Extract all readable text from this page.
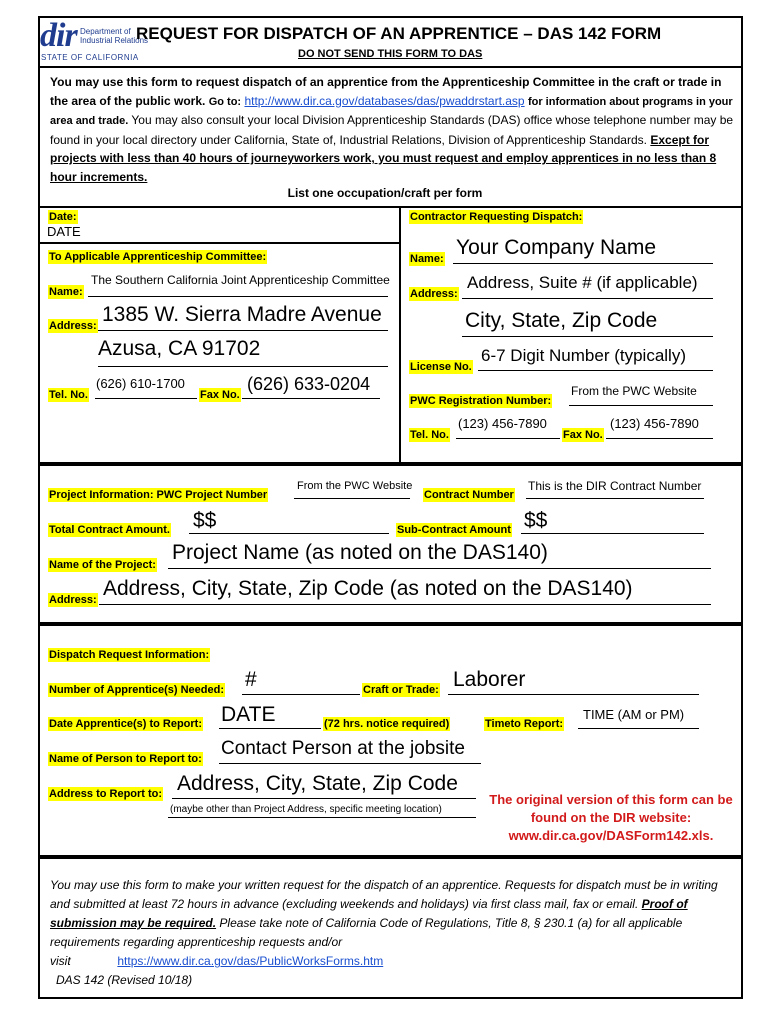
dir Department of
Industrial Relations
STATE OF CALIFORNIA
REQUEST FOR DISPATCH OF AN APPRENTICE – DAS 142 FORM
DO NOT SEND THIS FORM TO DAS
You may use this form to request dispatch of an apprentice from the Apprenticeship Committee in the craft or trade in the area of the public work. Go to: http://www.dir.ca.gov/databases/das/pwaddrstart.asp for information about programs in your area and trade. You may also consult your local Division Apprenticeship Standards (DAS) office whose telephone number may be found in your local directory under California, State of, Industrial Relations, Division of Apprenticeship Standards. Except for projects with less than 40 hours of journeyworkers work, you must request and employ apprentices in no less than 8 hour increments.
List one occupation/craft per form
Date:
DATE
To Applicable Apprenticeship Committee:
Name:
The Southern California Joint Apprenticeship Committee
Address: 1385 W. Sierra Madre Avenue
Azusa, CA 91702
Tel. No.
(626) 610-1700
Fax No.
(626) 633-0204
Contractor Requesting Dispatch:
Name: Your Company Name
Address:
Address, Suite # (if applicable)
City, State, Zip Code
License No.
6-7 Digit Number (typically)
PWC Registration Number:
From the PWC Website
Tel. No.
(123) 456-7890
Fax No.
(123) 456-7890
Project Information: PWC Project Number
From the PWC Website
Contract Number
This is the DIR Contract Number
Total Contract Amount. $$	Sub-Contract Amount $$
Name of the Project:
Project Name (as noted on the DAS140)
Address: Address, City, State, Zip Code (as noted on the DAS140)
Dispatch Request Information:
Number of Apprentice(s) Needed: #	Craft or Trade: Laborer
Date Apprentice(s) to Report: DATE	(72 hrs. notice required)	Timeto Report:
TIME (AM or PM)
Name of Person to Report to: Contact Person at the jobsite
Address to Report to: Address, City, State, Zip Code
(maybe other than Project Address, specific meeting location)
The original version of this form can be found on the DIR website: www.dir.ca.gov/DASForm142.xls.
You may use this form to make your written request for the dispatch of an apprentice. Requests for dispatch must be in writing and submitted at least 72 hours in advance (excluding weekends and holidays) via first class mail, fax or email. Proof of submission may be required. Please take note of California Code of Regulations, Title 8, § 230.1 (a) for all applicable requirements regarding apprenticeship requests and/or
visit	https://www.dir.ca.gov/das/PublicWorksForms.htm
DAS 142 (Revised 10/18)
